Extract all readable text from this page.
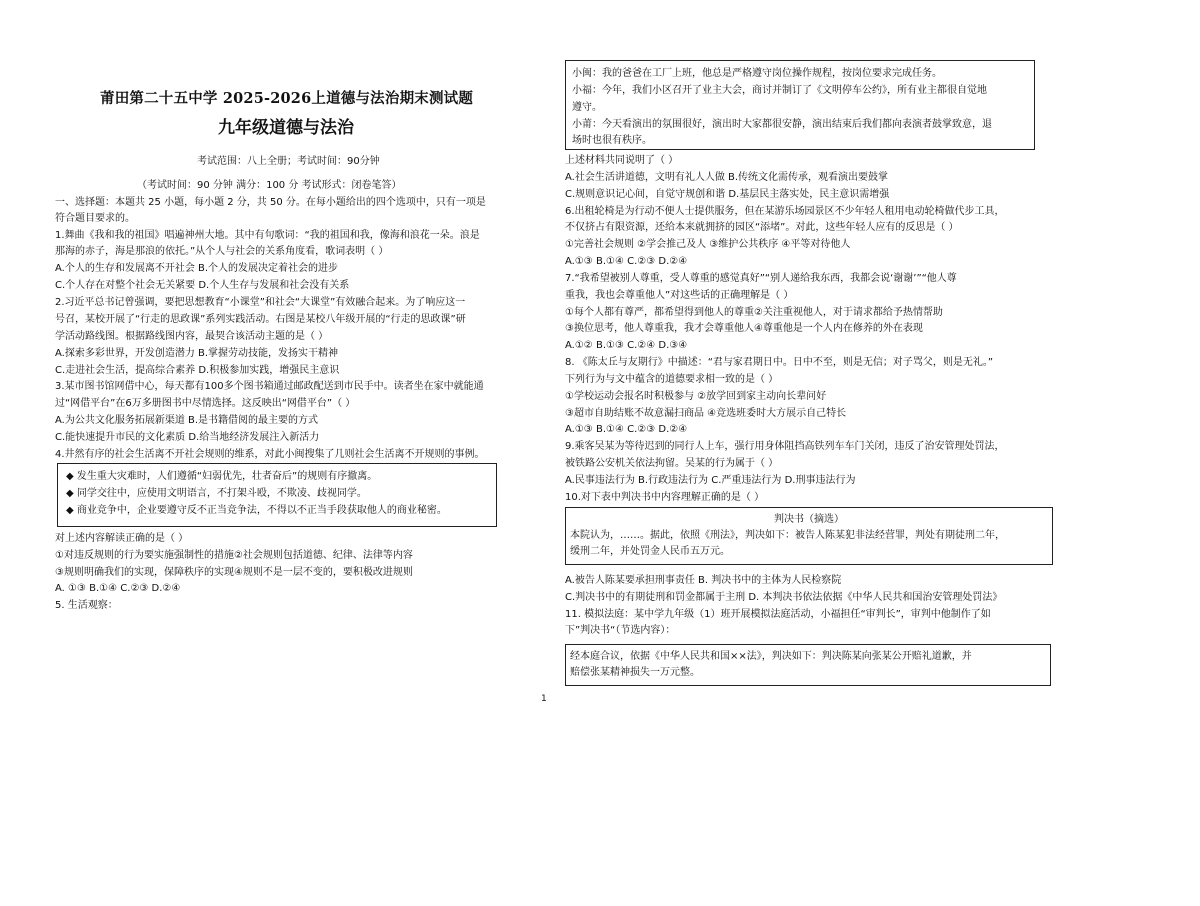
莆田第二十五中学 2025-2026上道德与法治期末测试题
九年级道德与法治
考试范围：八上全册；考试时间：90分钟
（考试时间：90 分钟 满分：100 分 考试形式：闭卷笔答）
一、选择题：本题共 25 小题，每小题 2 分，共 50 分。在每小题给出的四个选项中，只有一项是
符合题目要求的。
1.舞曲《我和我的祖国》唱遍神州大地。其中有句歌词：“我的祖国和我，像海和浪花一朵。浪是
那海的赤子，海是那浪的依托。”从个人与社会的关系角度看，歌词表明（ ）
A.个人的生存和发展离不开社会 B.个人的发展决定着社会的进步
C.个人存在对整个社会无关紧要 D.个人生存与发展和社会没有关系
2.习近平总书记曾强调，要把思想教育“小课堂”和社会“大课堂”有效融合起来。为了响应这一
号召，某校开展了“行走的思政课”系列实践活动。右图是某校八年级开展的“行走的思政课”研
学活动路线图。根据路线图内容，最契合该活动主题的是（ ）
A.探索多彩世界，开发创造潜力 B.掌握劳动技能，发扬实干精神
C.走进社会生活，提高综合素养 D.积极参加实践，增强民主意识
3.某市图书馆网借中心，每天都有100多个图书箱通过邮政配送到市民手中。读者坐在家中就能通
过“网借平台”在6万多册图书中尽情选择。这反映出“网借平台”（ ）
A.为公共文化服务拓展新渠道 B.是书籍借阅的最主要的方式
C.能快速提升市民的文化素质 D.给当地经济发展注入新活力
4.井然有序的社会生活离不开社会规则的维系，对此小闽搜集了几则社会生活离不开规则的事例。
◆ 发生重大灾难时，人们遵循“妇弱优先，壮者奋后”的规则有序撤离。
◆ 同学交往中，应使用文明语言，不打架斗殴，不欺凌、歧视同学。
◆ 商业竞争中，企业要遵守反不正当竞争法，不得以不正当手段获取他人的商业秘密。
对上述内容解读正确的是（ ）
①对违反规则的行为要实施强制性的措施②社会规则包括道德、纪律、法律等内容
③规则明确我们的实现，保障秩序的实现④规则不是一层不变的，要积极改进规则
A. ①③ B.①④ C.②③ D.②④
5. 生活观察：
小闽：我的爸爸在工厂上班，他总是严格遵守岗位操作规程，按岗位要求完成任务。
小福：今年，我们小区召开了业主大会，商讨并制订了《文明停车公约》，所有业主都很自觉地
遵守。
小莆：今天看演出的氛围很好，演出时大家都很安静，演出结束后我们都向表演者鼓掌致意，退
场时也很有秩序。
上述材料共同说明了（ ）
A.社会生活讲道德，文明有礼人人做 B.传统文化需传承，观看演出要鼓掌
C.规则意识记心间，自觉守规创和谐 D.基层民主落实处，民主意识需增强
6.出租轮椅是为行动不便人士提供服务，但在某游乐场园景区不少年轻人租用电动轮椅做代步工具，
不仅挤占有限资源，还给本来就拥挤的园区“添堵”。对此，这些年轻人应有的反思是（ ）
①完善社会规则 ②学会推己及人 ③维护公共秩序 ④平等对待他人
A.①③ B.①④ C.②③ D.②④
7.“我希望被别人尊重，受人尊重的感觉真好”“别人递给我东西，我都会说‘谢谢’”“他人尊
重我，我也会尊重他人”对这些话的正确理解是（ ）
①每个人都有尊严，都希望得到他人的尊重②关注重视他人，对于请求都给予热情帮助
③换位思考，他人尊重我，我才会尊重他人④尊重他是一个人内在修养的外在表现
A.①② B.①③ C.②④ D.③④
8. 《陈太丘与友期行》中描述：“君与家君期日中。日中不至，则是无信；对子骂父，则是无礼。”
下列行为与文中蕴含的道德要求相一致的是（ ）
①学校运动会报名时积极参与 ②放学回到家主动向长辈问好
③超市自助结账不故意漏扫商品 ④竞选班委时大方展示自己特长
A.①③ B.①④ C.②③ D.②④
9.乘客吴某为等待迟到的同行人上车，强行用身体阻挡高铁列车车门关闭，违反了治安管理处罚法，
被铁路公安机关依法拘留。吴某的行为属于（ ）
A.民事违法行为 B.行政违法行为 C.严重违法行为 D.刑事违法行为
10.对下表中判决书中内容理解正确的是（ ）
判决书（摘选）
本院认为，……。据此，依照《刑法》，判决如下：被告人陈某犯非法经营罪，判处有期徒刑二年，
缓刑二年，并处罚金人民币五万元。
A.被告人陈某要承担刑事责任 B. 判决书中的主体为人民检察院
C.判决书中的有期徒刑和罚金都属于主刑 D. 本判决书依法依据《中华人民共和国治安管理处罚法》
11. 模拟法庭：某中学九年级（1）班开展模拟法庭活动，小福担任“审判长”，审判中他制作了如
下”判决书“（节选内容）：
经本庭合议，依据《中华人民共和国××法》，判决如下：判决陈某向张某公开赔礼道歉，并
赔偿张某精神损失一万元整。
1
